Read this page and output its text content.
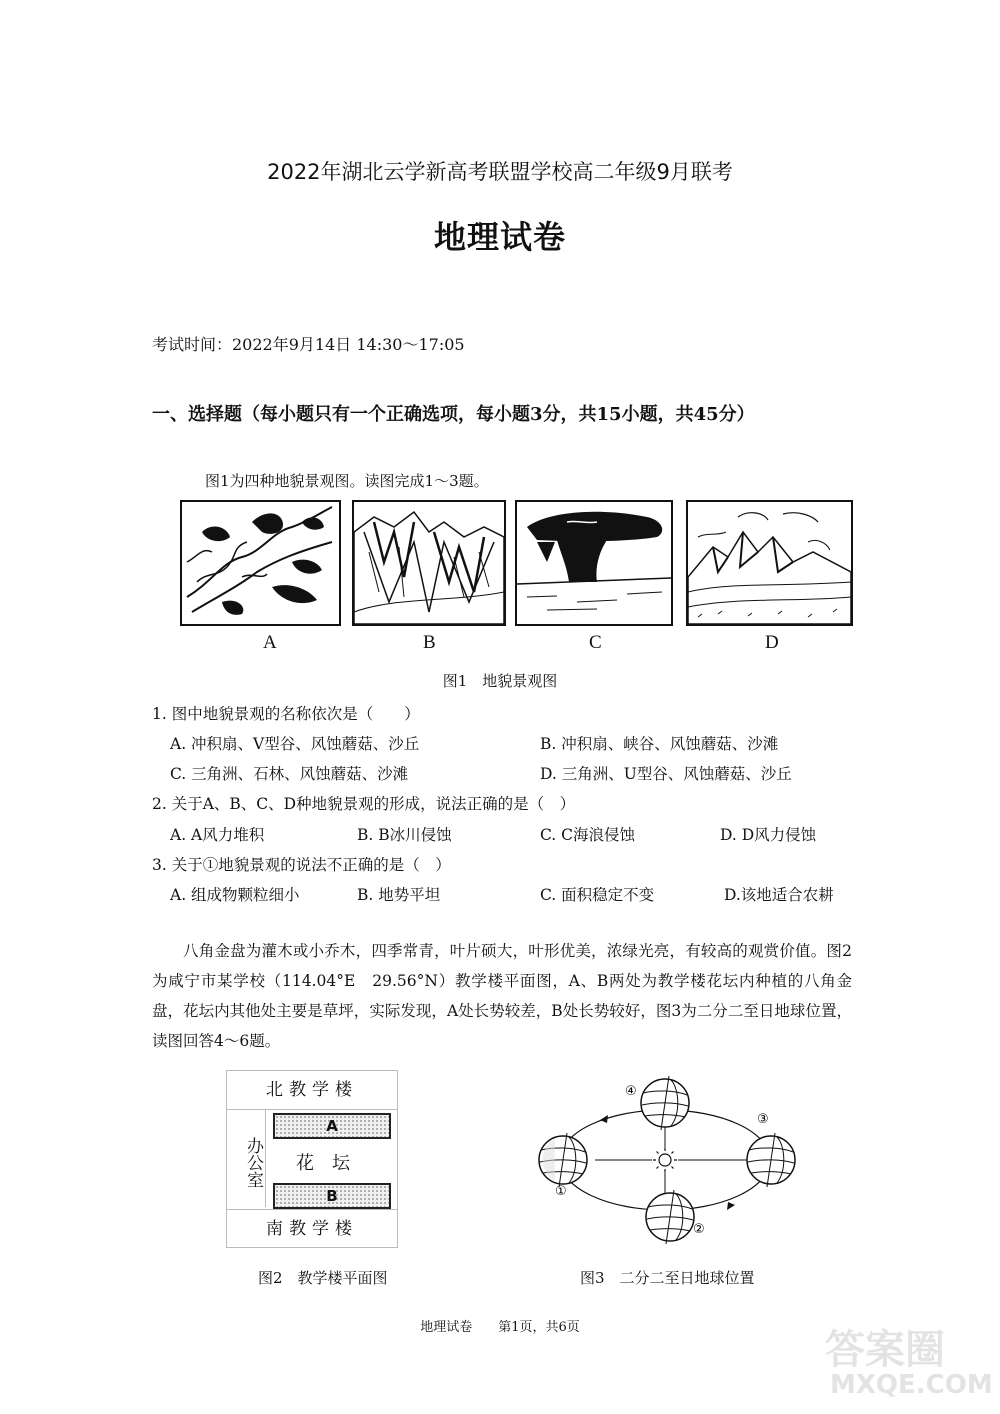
2022年湖北云学新高考联盟学校高二年级9月联考
地理试卷
考试时间：2022年9月14日 14:30～17:05
一、选择题（每小题只有一个正确选项，每小题3分，共15小题，共45分）
图1为四种地貌景观图。读图完成1～3题。
A	B	C	D
图1　地貌景观图
1. 图中地貌景观的名称依次是（　　）
A. 冲积扇、V型谷、风蚀蘑菇、沙丘	B. 冲积扇、峡谷、风蚀蘑菇、沙滩
C. 三角洲、石林、风蚀蘑菇、沙滩	D. 三角洲、U型谷、风蚀蘑菇、沙丘
2. 关于A、B、C、D种地貌景观的形成，说法正确的是（　）
A. A风力堆积	B. B冰川侵蚀	C. C海浪侵蚀	D. D风力侵蚀
3. 关于①地貌景观的说法不正确的是（　）
A. 组成物颗粒细小	B. 地势平坦	C. 面积稳定不变	D.该地适合农耕
八角金盘为灌木或小乔木，四季常青，叶片硕大，叶形优美，浓绿光亮，有较高的观赏价值。图2为咸宁市某学校（114.04°E　29.56°N）教学楼平面图，A、B两处为教学楼花坛内种植的八角金盘，花坛内其他处主要是草坪，实际发现，A处长势较差，B处长势较好，图3为二分二至日地球位置，读图回答4～6题。
北教学楼
办公室
A
花坛
B
南教学楼
图2　教学楼平面图
①
②
③
④
图3　二分二至日地球位置
地理试卷　　第1页，共6页	答案圈
MXQE.COM
